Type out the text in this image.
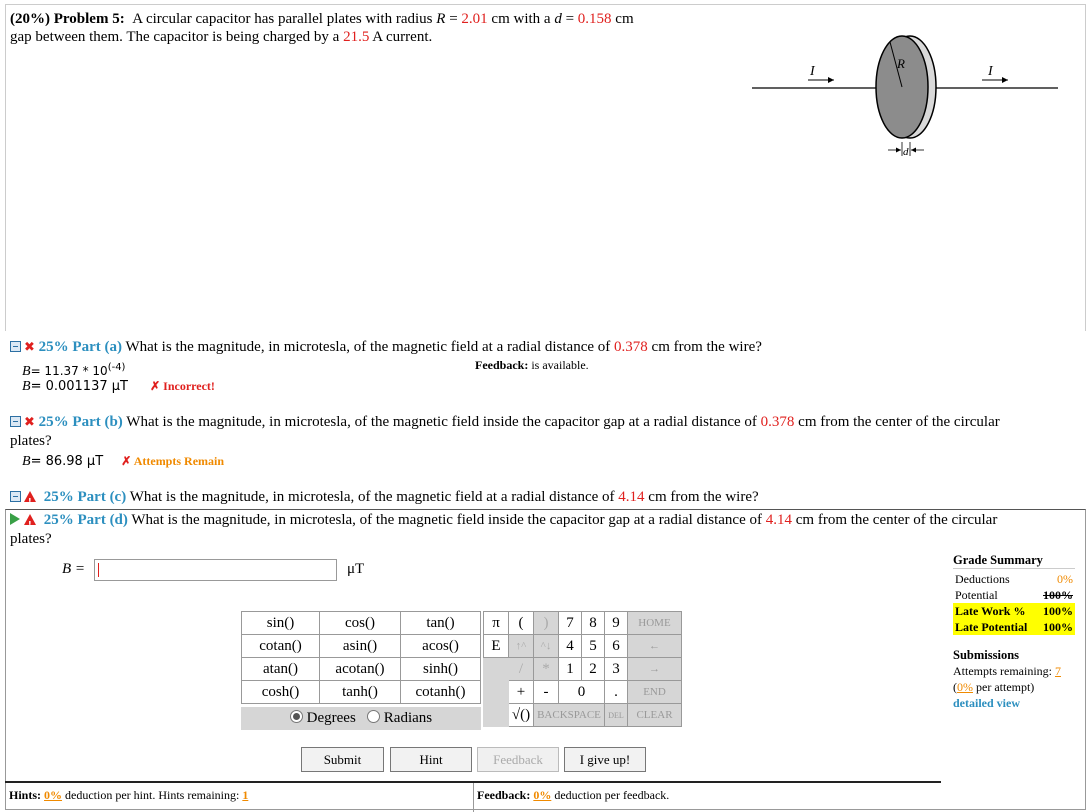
(20%) Problem 5: A circular capacitor has parallel plates with radius R = 2.01 cm with a d = 0.158 cm
gap between them. The capacitor is being charged by a 21.5 A current.
I	I
R
d
✖ 25% Part (a) What is the magnitude, in microtesla, of the magnetic field at a radial distance of 0.378 cm from the wire?
$B= 11.37 * 10^{(-4)}$
B= 0.001137 μT ✗ Incorrect!
Feedback: is available.
✖ 25% Part (b) What is the magnitude, in microtesla, of the magnetic field inside the capacitor gap at a radial distance of 0.378 cm from the center of the circular
plates?
B= 86.98 μT ✗ Attempts Remain
! 25% Part (c) What is the magnitude, in microtesla, of the magnetic field at a radial distance of 4.14 cm from the wire?
! 25% Part (d) What is the magnitude, in microtesla, of the magnetic field inside the capacitor gap at a radial distance of 4.14 cm from the center of the circular
plates?
B =	μT
sin()	cos()	tan()
cotan()	asin()	acos()
atan()	acotan()	sinh()
cosh()	tanh()	cotanh()
Degrees Radians
π	(	)	7	8	9	HOME
E	↑^	^↓	4	5	6	←
	/	*	1	2	3	→
	+	-	0		.	END
	√()	BACKSPACE			DEL	CLEAR
Submit	Hint	Feedback	I give up!
Grade Summary
Deductions	0%
Potential	100%
Late Work % 100%
Late Potential 100%
Submissions
Attempts remaining: 7
(0% per attempt)
detailed view
Hints: 0% deduction per hint. Hints remaining: 1	Feedback: 0% deduction per feedback.
